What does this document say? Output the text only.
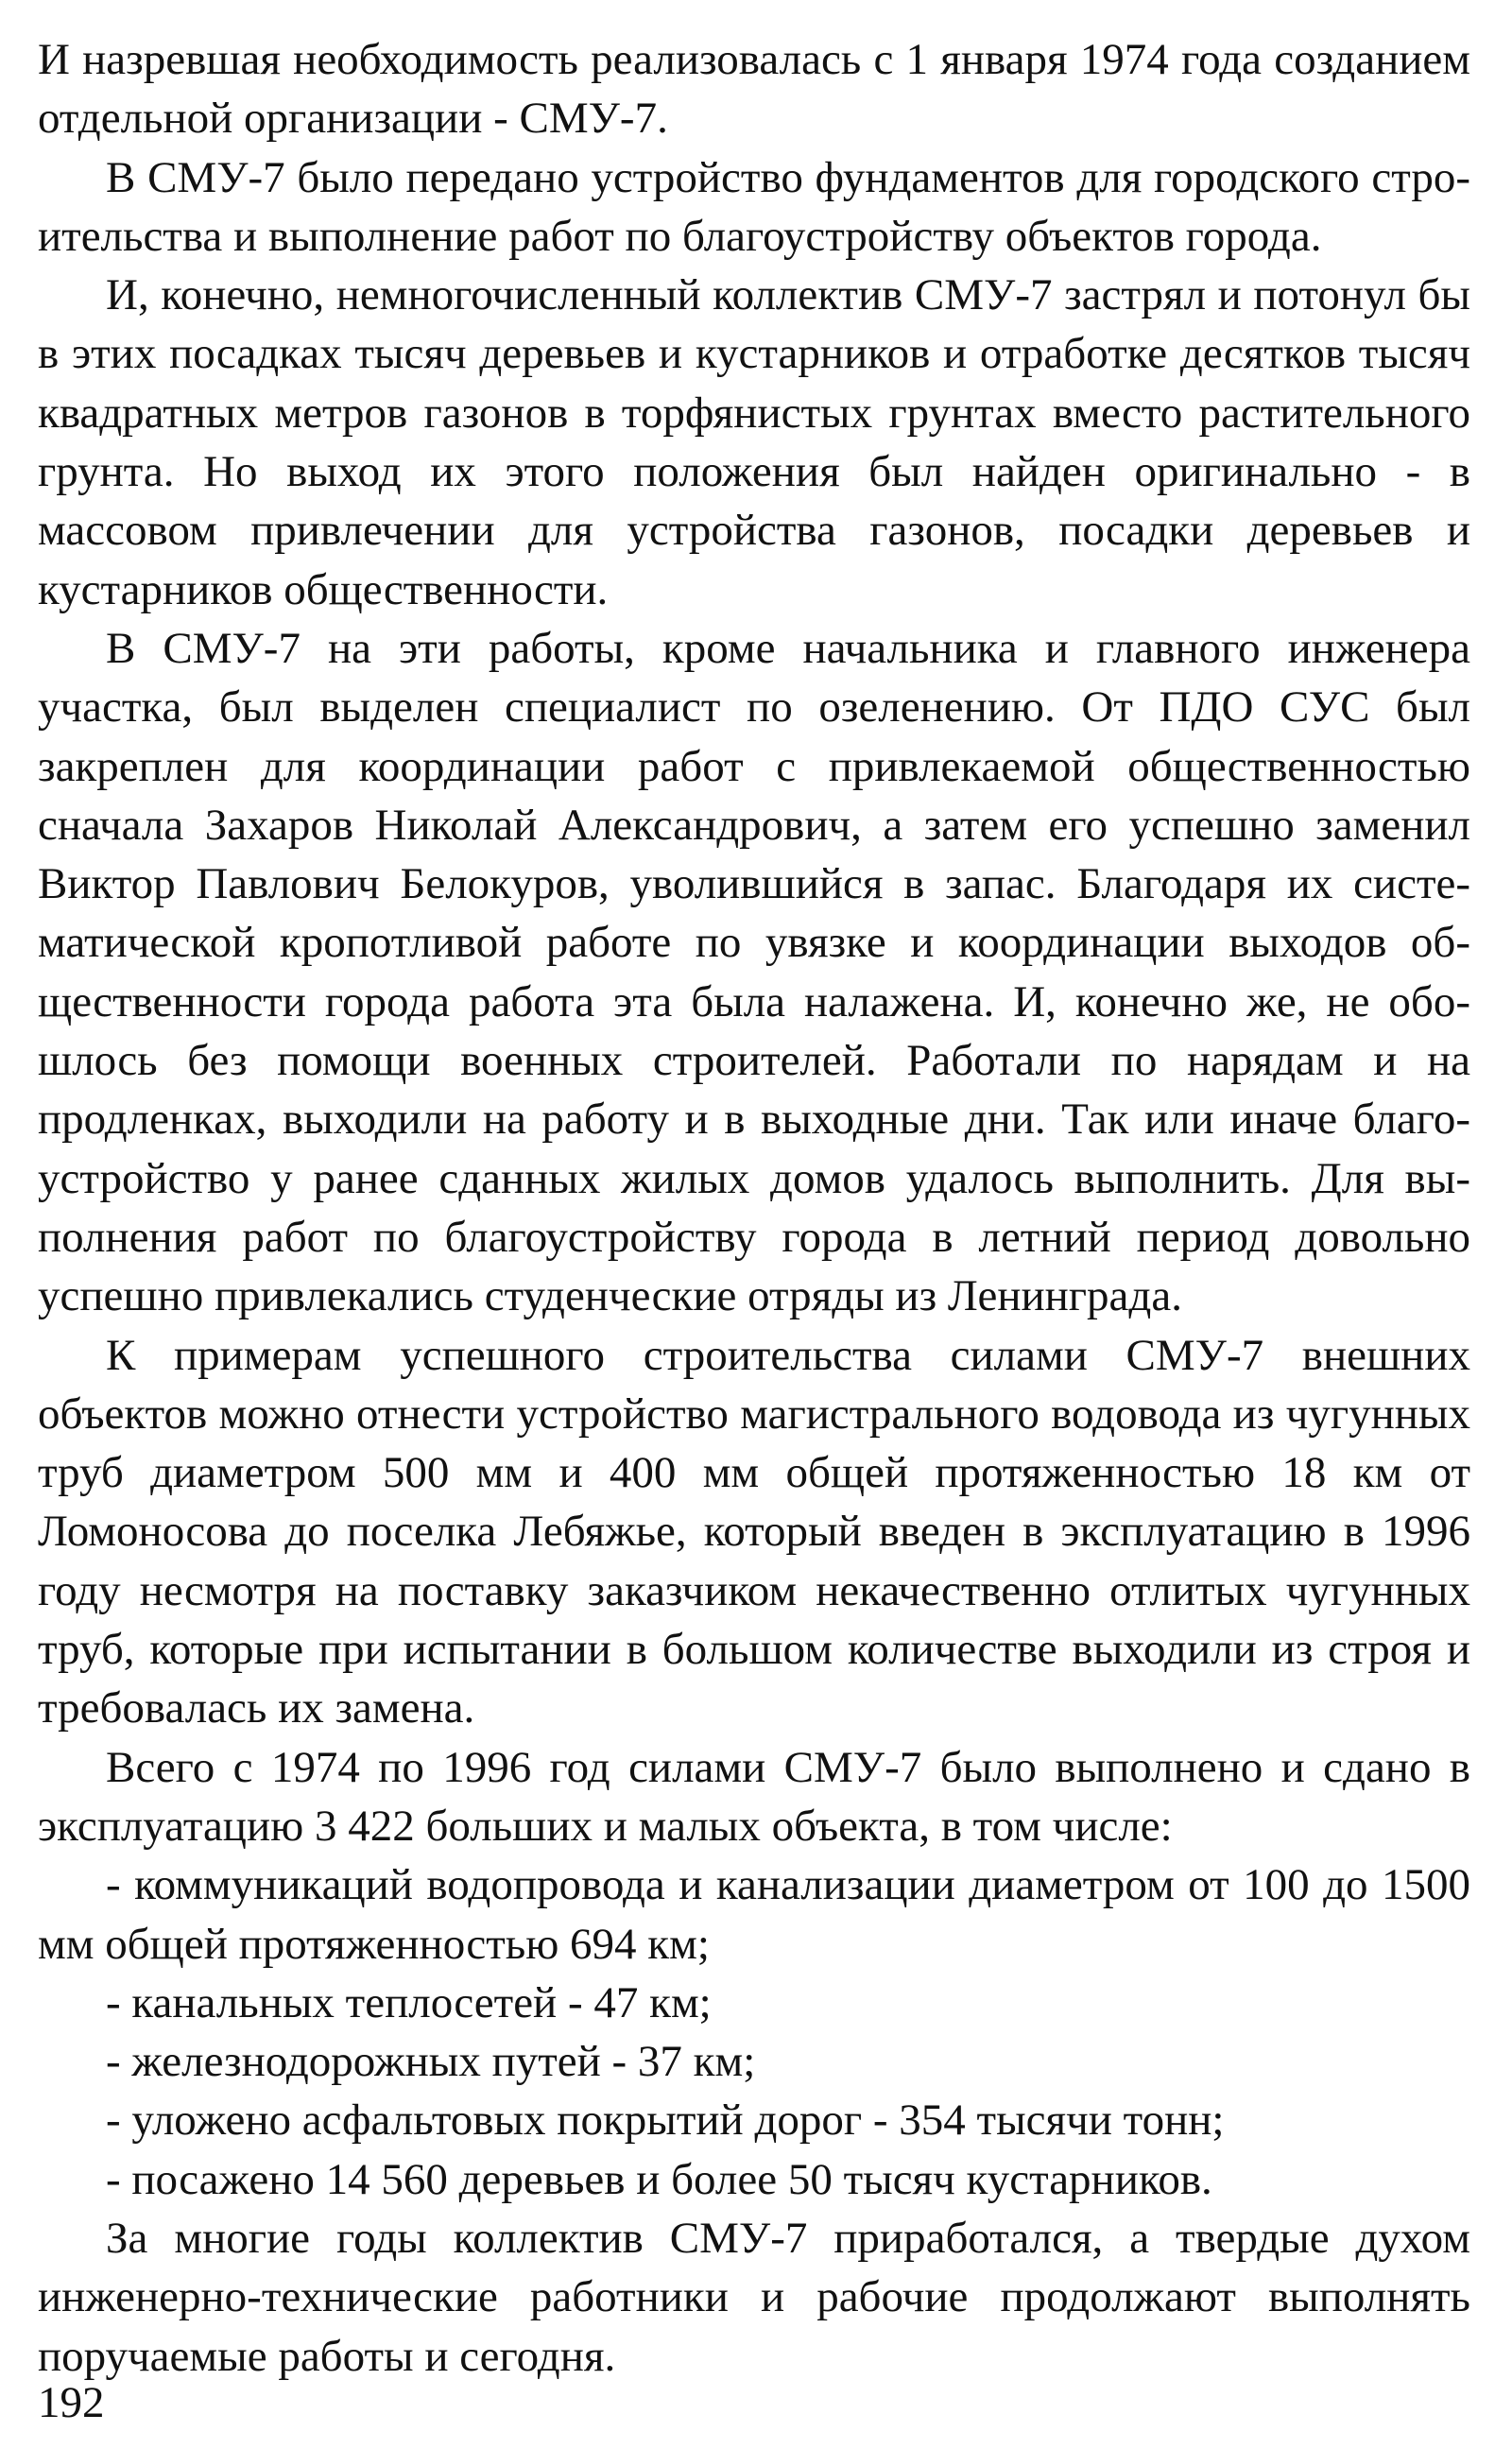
И назревшая необходимость реализовалась с 1 января 1974 года созданием отдельной организации - СМУ-7.

В СМУ-7 было передано устройство фундаментов для городского строительства и выполнение работ по благоустройству объектов города.

И, конечно, немногочисленный коллектив СМУ-7 застрял и потонул бы в этих посадках тысяч деревьев и кустарников и отработке десятков тысяч квадратных метров газонов в торфянистых грунтах вместо растительного грунта. Но выход их этого положения был найден оригинально - в массовом привлечении для устройства газонов, посадки деревьев и кустарников общественности.

В СМУ-7 на эти работы, кроме начальника и главного инженера участка, был выделен специалист по озеленению. От ПДО СУС был закреплен для координации работ с привлекаемой общественностью сначала Захаров Николай Александрович, а затем его успешно заменил Виктор Павлович Белокуров, уволившийся в запас. Благодаря их систематической кропотливой работе по увязке и координации выходов общественности города работа эта была налажена. И, конечно же, не обошлось без помощи военных строителей. Работали по нарядам и на продленках, выходили на работу и в выходные дни. Так или иначе благоустройство у ранее сданных жилых домов удалось выполнить. Для выполнения работ по благоустройству города в летний период довольно успешно привлекались студенческие отряды из Ленинграда.

К примерам успешного строительства силами СМУ-7 внешних объектов можно отнести устройство магистрального водовода из чугунных труб диаметром 500 мм и 400 мм общей протяженностью 18 км от Ломоносова до поселка Лебяжье, который введен в эксплуатацию в 1996 году несмотря на поставку заказчиком некачественно отлитых чугунных труб, которые при испытании в большом количестве выходили из строя и требовалась их замена.

Всего с 1974 по 1996 год силами СМУ-7 было выполнено и сдано в эксплуатацию 3 422 больших и малых объекта, в том числе:

- коммуникаций водопровода и канализации диаметром от 100 до 1500 мм общей протяженностью 694 км;

- канальных теплосетей - 47 км;

- железнодорожных путей - 37 км;

- уложено асфальтовых покрытий дорог - 354 тысячи тонн;

- посажено 14 560 деревьев и более 50 тысяч кустарников.

За многие годы коллектив СМУ-7 приработался, а твердые духом инженерно-технические работники и рабочие продолжают выполнять поручаемые работы и сегодня.

192
